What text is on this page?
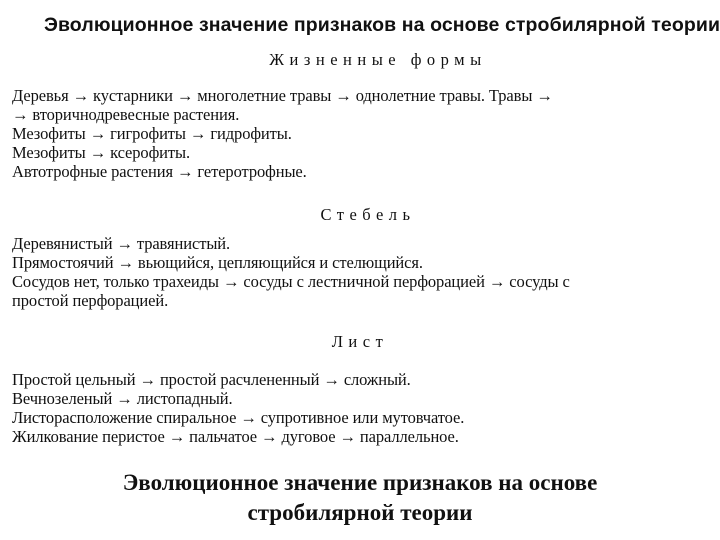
Эволюционное значение признаков на основе стробилярной теории
Жизненные формы
Деревья → кустарники → многолетние травы → однолетние травы. Травы →
→ вторичнодревесные растения.
Мезофиты → гигрофиты → гидрофиты.
Мезофиты → ксерофиты.
Автотрофные растения → гетеротрофные.
Стебель
Деревянистый → травянистый.
Прямостоячий → вьющийся, цепляющийся и стелющийся.
Сосудов нет, только трахеиды → сосуды с лестничной перфорацией → сосуды с
простой перфорацией.
Лист
Простой цельный → простой расчлененный → сложный.
Вечнозеленый → листопадный.
Листорасположение спиральное → супротивное или мутовчатое.
Жилкование перистое → пальчатое → дуговое → параллельное.
Эволюционное значение признаков на основе
стробилярной теории
